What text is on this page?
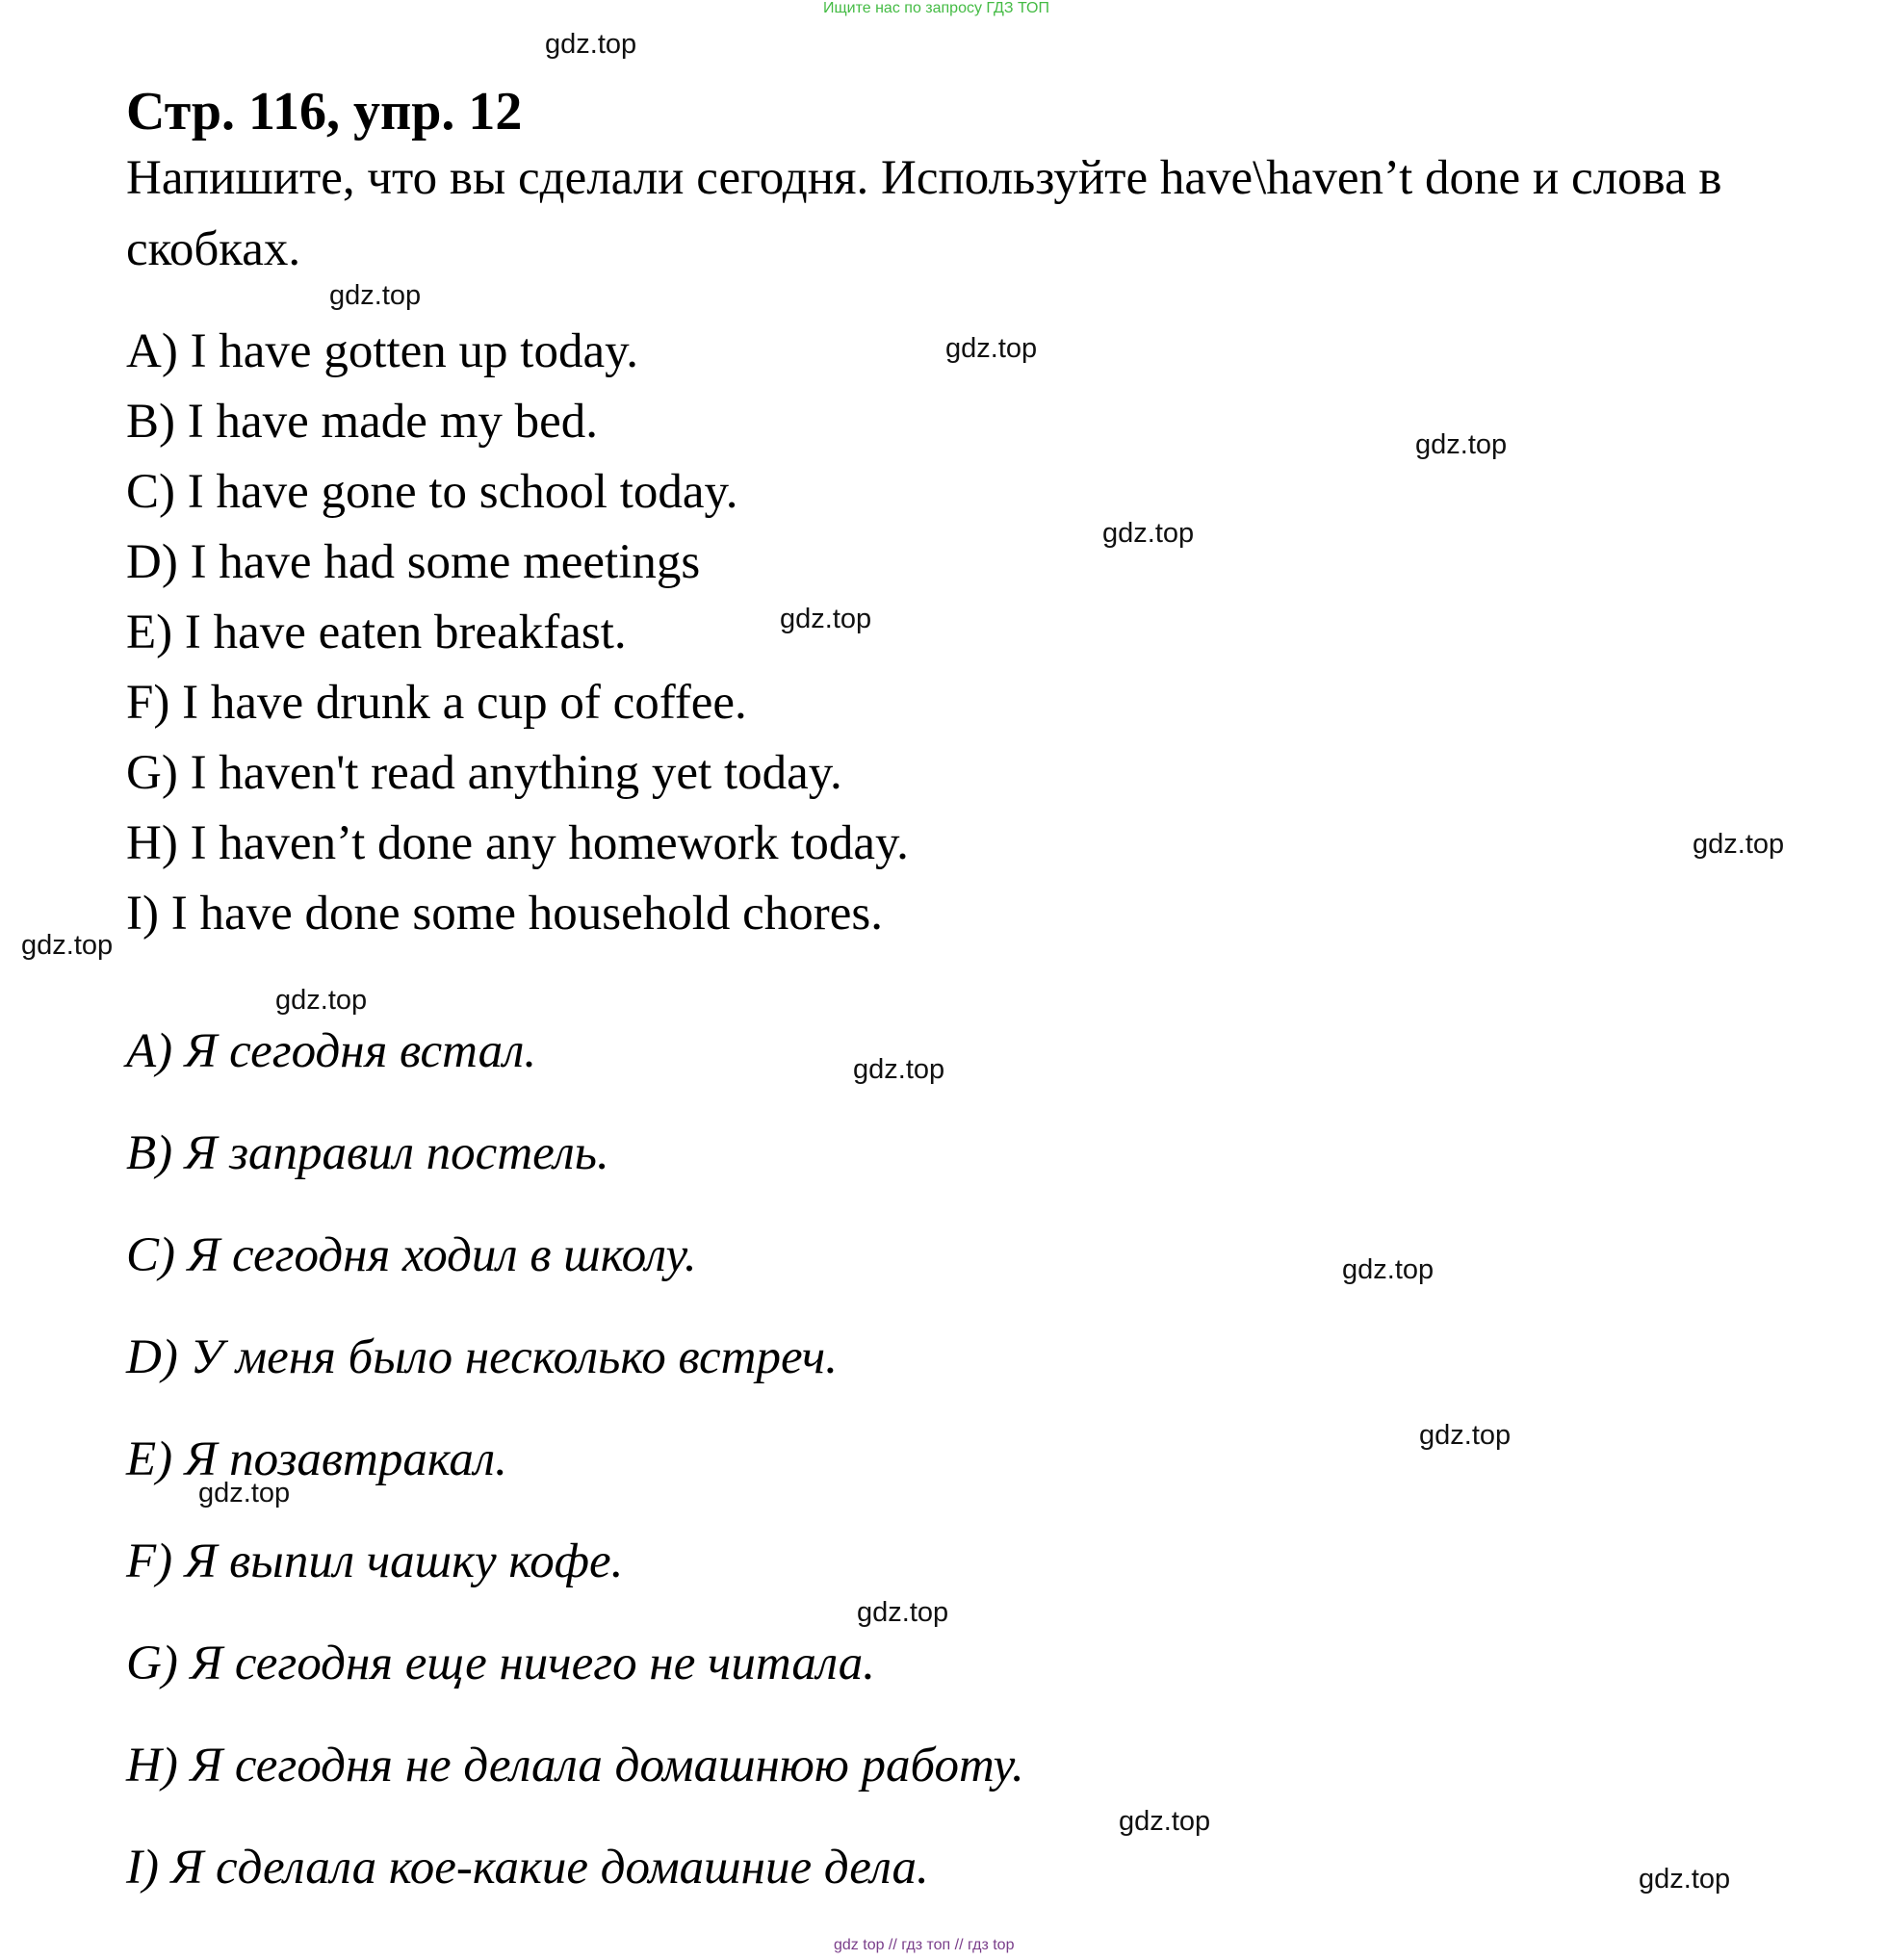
Ищите нас по запросу ГДЗ ТОП
Стр. 116, упр. 12
Напишите, что вы сделали сегодня. Используйте have\haven’t done и слова в скобках.
A) I have gotten up today.
B) I have made my bed.
C) I have gone to school today.
D) I have had some meetings
E) I have eaten breakfast.
F) I have drunk a cup of coffee.
G) I haven't read anything yet today.
H) I haven’t done any homework today.
I) I have done some household chores.
A) Я сегодня встал.
B) Я заправил постель.
C) Я сегодня ходил в школу.
D) У меня было несколько встреч.
E) Я позавтракал.
F) Я выпил чашку кофе.
G) Я сегодня еще ничего не читала.
H) Я сегодня не делала домашнюю работу.
I) Я сделала кое-какие домашние дела.
gdz.top
gdz.top
gdz.top
gdz.top
gdz.top
gdz.top
gdz.top
gdz.top
gdz.top
gdz.top
gdz.top
gdz.top
gdz.top
gdz.top
gdz.top
gdz.top
gdz top // гдз топ // гдз top
